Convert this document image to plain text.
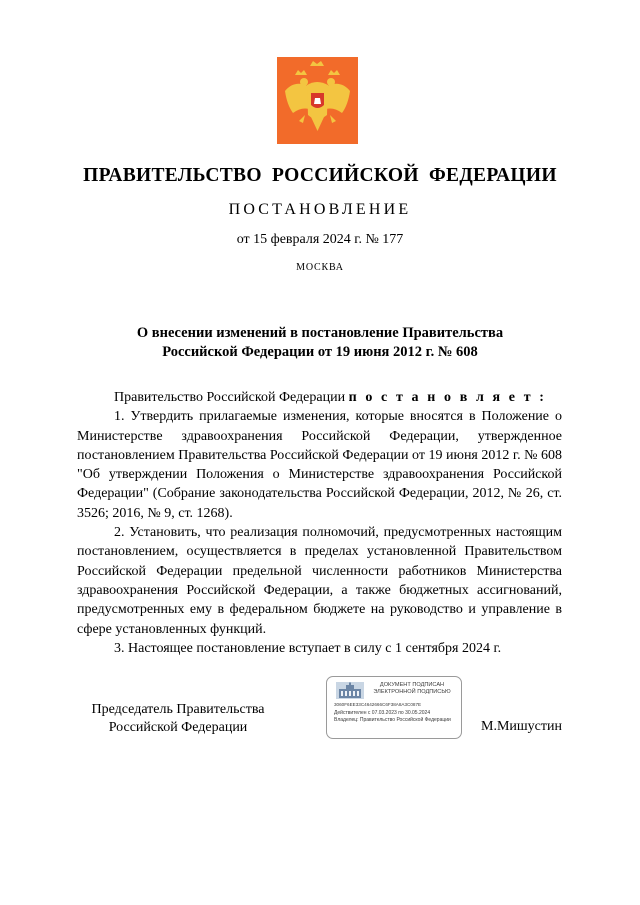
ПРАВИТЕЛЬСТВО РОССИЙСКОЙ ФЕДЕРАЦИИ
ПОСТАНОВЛЕНИЕ
от 15 февраля 2024 г. № 177
МОСКВА
О внесении изменений в постановление Правительства
Российской Федерации от 19 июня 2012 г. № 608

Правительство Российской Федерации п о с т а н о в л я е т :

1. Утвердить прилагаемые изменения, которые вносятся в Положение о Министерстве здравоохранения Российской Федерации, утвержденное постановлением Правительства Российской Федерации от 19 июня 2012 г. № 608 "Об утверждении Положения о Министерстве здравоохранения Российской Федерации" (Собрание законодательства Российской Федерации, 2012, № 26, ст. 3526; 2016, № 9, ст. 1268).

2. Установить, что реализация полномочий, предусмотренных настоящим постановлением, осуществляется в пределах установленной Правительством Российской Федерации предельной численности работников Министерства здравоохранения Российской Федерации, а также бюджетных ассигнований, предусмотренных ему в федеральном бюджете на руководство и управление в сфере установленных функций.

3. Настоящее постановление вступает в силу с 1 сентября 2024 г.

Председатель Правительства
Российской Федерации
ДОКУМЕНТ ПОДПИСАН
ЭЛЕКТРОННОЙ ПОДПИСЬЮ
3060F6EE33C4642666C6F38A8A3C087E
Действителен с 07.03.2023 по 30.05.2024
Владелец: Правительство Российской Федерации М.Мишустин
